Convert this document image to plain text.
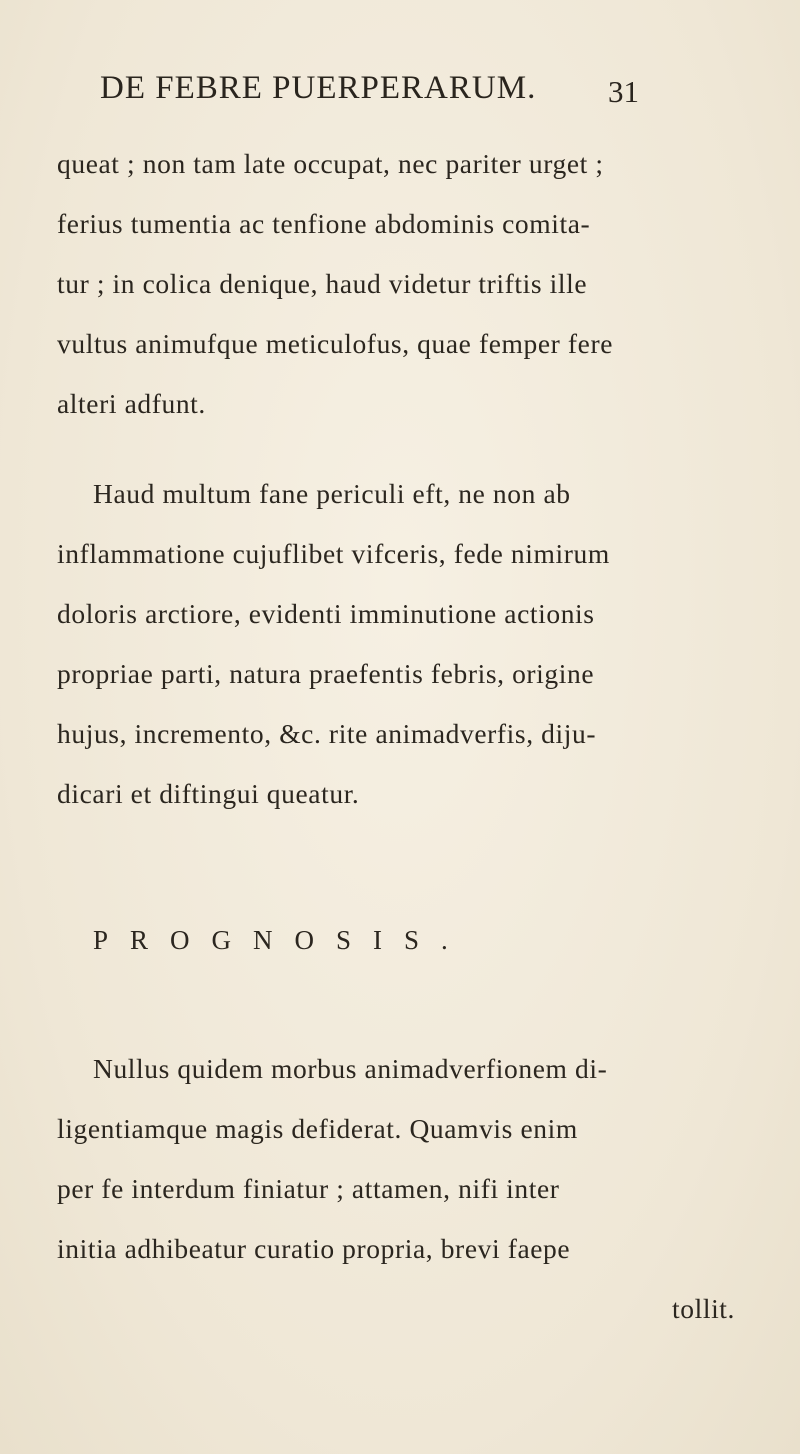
DE FEBRE PUERPERARUM.	31
queat ; non tam late occupat, nec pariter urget ;
ferius tumentia ac tenfione abdominis comita-
tur ; in colica denique, haud videtur triftis ille
vultus animufque meticulofus, quae femper fere
alteri adfunt.
Haud multum fane periculi eft, ne non ab
inflammatione cujuflibet vifceris, fede nimirum
doloris arctiore, evidenti imminutione actionis
propriae parti, natura praefentis febris, origine
hujus, incremento, &c. rite animadverfis, diju-
dicari et diftingui queatur.
PROGNOSIS.
Nullus quidem morbus animadverfionem di-
ligentiamque magis defiderat. Quamvis enim
per fe interdum finiatur ; attamen, nifi inter
initia adhibeatur curatio propria, brevi faepe
tollit.
